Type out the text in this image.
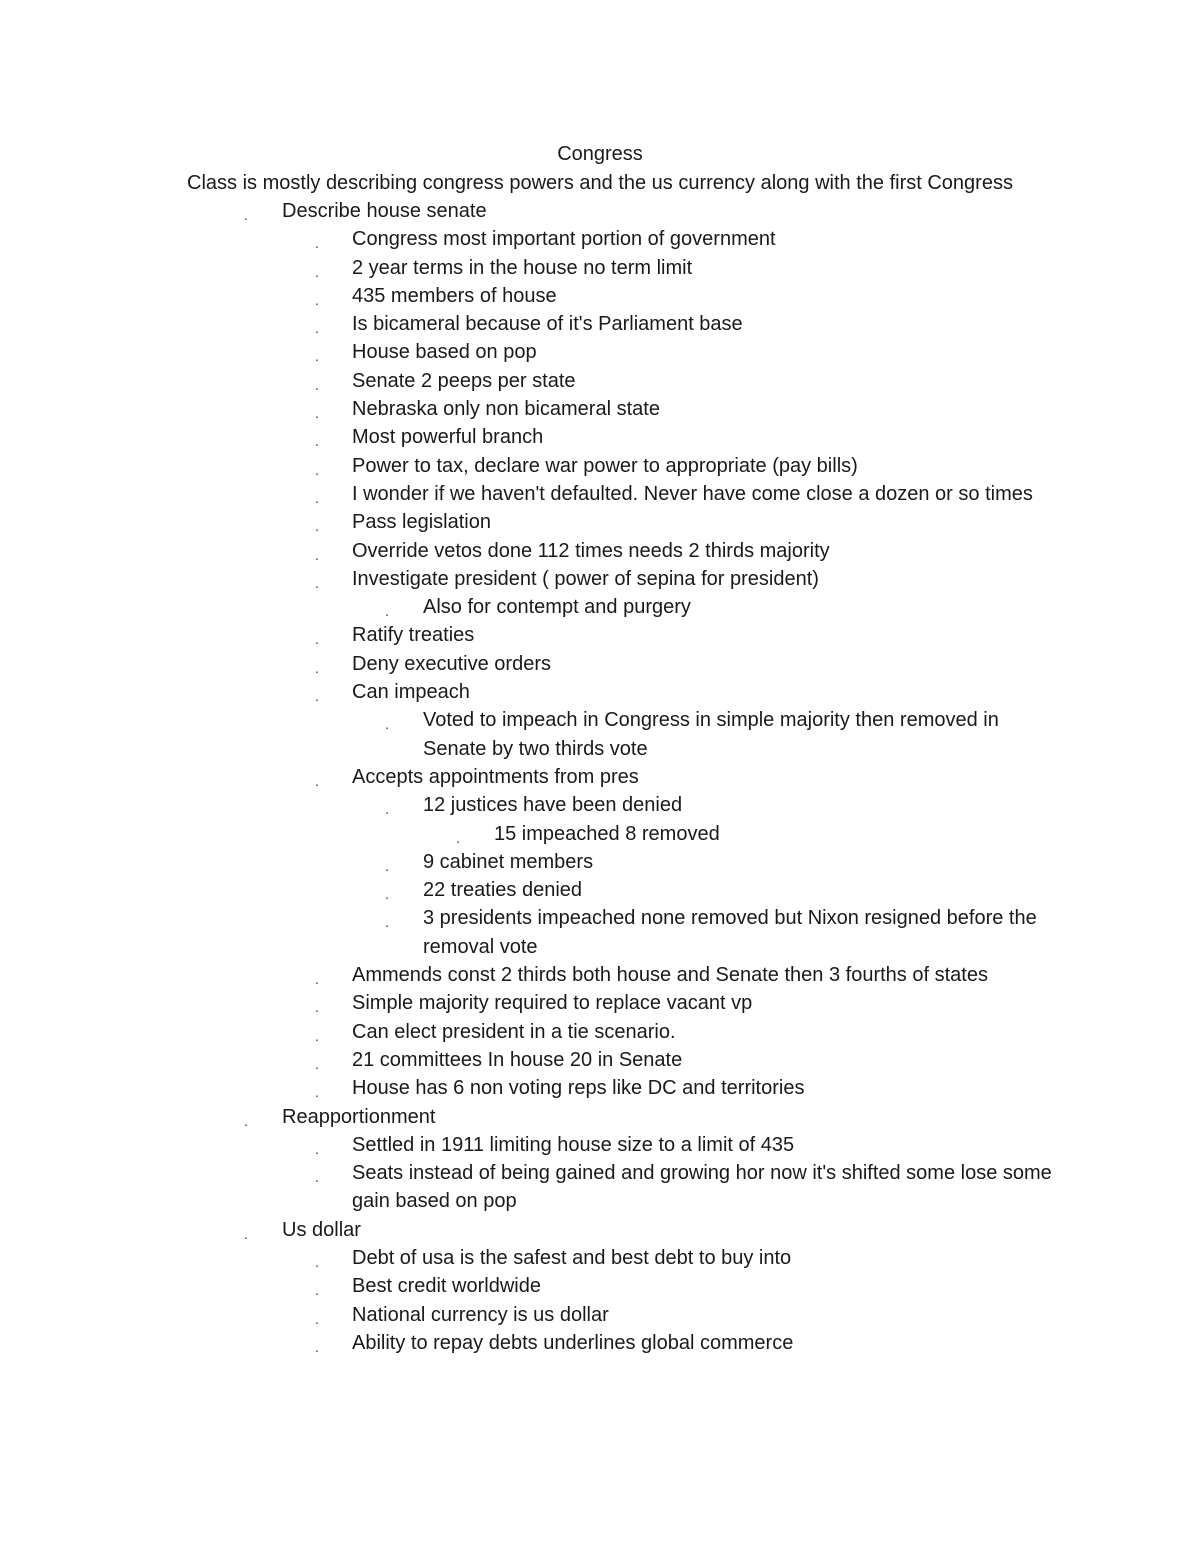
Congress
Class is mostly describing congress powers and the us currency along with the first Congress
. Describe house senate
. Congress most important portion of government
. 2 year terms in the house no term limit
. 435 members of house
. Is bicameral because of it's Parliament base
. House based on pop
. Senate 2 peeps per state
. Nebraska only non bicameral state
. Most powerful branch
. Power to tax, declare war power to appropriate (pay bills)
. I wonder if we haven't defaulted. Never have come close a dozen or so times
. Pass legislation
. Override vetos done 112 times needs 2 thirds majority
. Investigate president ( power of sepina for president)
. Also for contempt and purgery
. Ratify treaties
. Deny executive orders
. Can impeach
. Voted to impeach in Congress in simple majority then removed in Senate by two thirds vote
. Accepts appointments from pres
. 12 justices have been denied
. 15 impeached 8 removed
. 9 cabinet members
. 22 treaties denied
. 3 presidents impeached none removed but Nixon resigned before the removal vote
. Ammends const 2 thirds both house and Senate then 3 fourths of states
. Simple majority required to replace vacant vp
. Can elect president in a tie scenario.
. 21 committees In house 20 in Senate
. House has 6 non voting reps like DC and territories
. Reapportionment
. Settled in 1911 limiting house size to a limit of 435
. Seats instead of being gained and growing hor now it's shifted some lose some gain based on pop
. Us dollar
. Debt of usa is the safest and best debt to buy into
. Best credit worldwide
. National currency is us dollar
. Ability to repay debts underlines global commerce
